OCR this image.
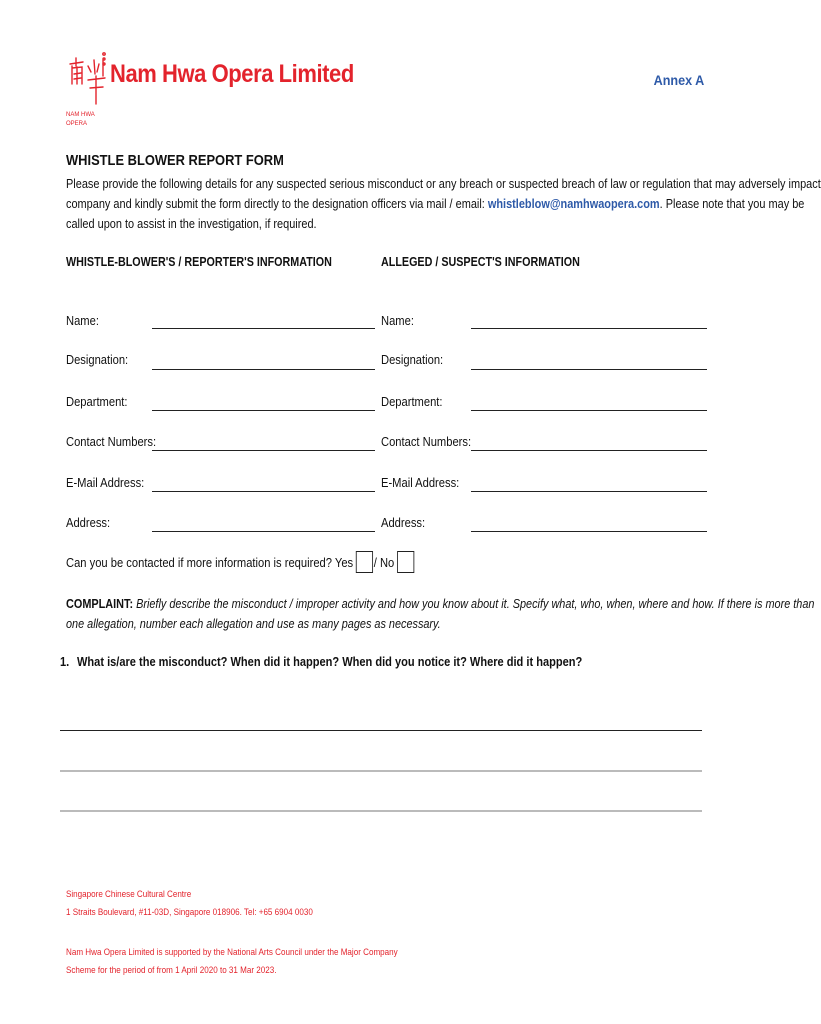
Nam Hwa Opera Limited
NAM HWA
OPERA
Annex A
WHISTLE BLOWER REPORT FORM

Please provide the following details for any suspected serious misconduct or any breach or suspected breach of law or regulation that may adversely impact

company and kindly submit the form directly to the designation officers via mail / email: whistleblow@namhwaopera.com. Please note that you may be

called upon to assist in the investigation, if required.

WHISTLE-BLOWER'S / REPORTER'S INFORMATION	ALLEGED / SUSPECT'S INFORMATION
Name:
Designation:
Department:
Contact Numbers:
E-Mail Address:
Address:
Name:
Designation:
Department:
Contact Numbers:
E-Mail Address:
Address:
Can you be contacted if more information is required? Yes / No

COMPLAINT: Briefly describe the misconduct / improper activity and how you know about it. Specify what, who, when, where and how. If there is more than

one allegation, number each allegation and use as many pages as necessary.

1. What is/are the misconduct? When did it happen? When did you notice it? Where did it happen?
Singapore Chinese Cultural Centre
1 Straits Boulevard, #11-03D, Singapore 018906. Tel: +65 6904 0030
Nam Hwa Opera Limited is supported by the National Arts Council under the Major Company
Scheme for the period of from 1 April 2020 to 31 Mar 2023.
